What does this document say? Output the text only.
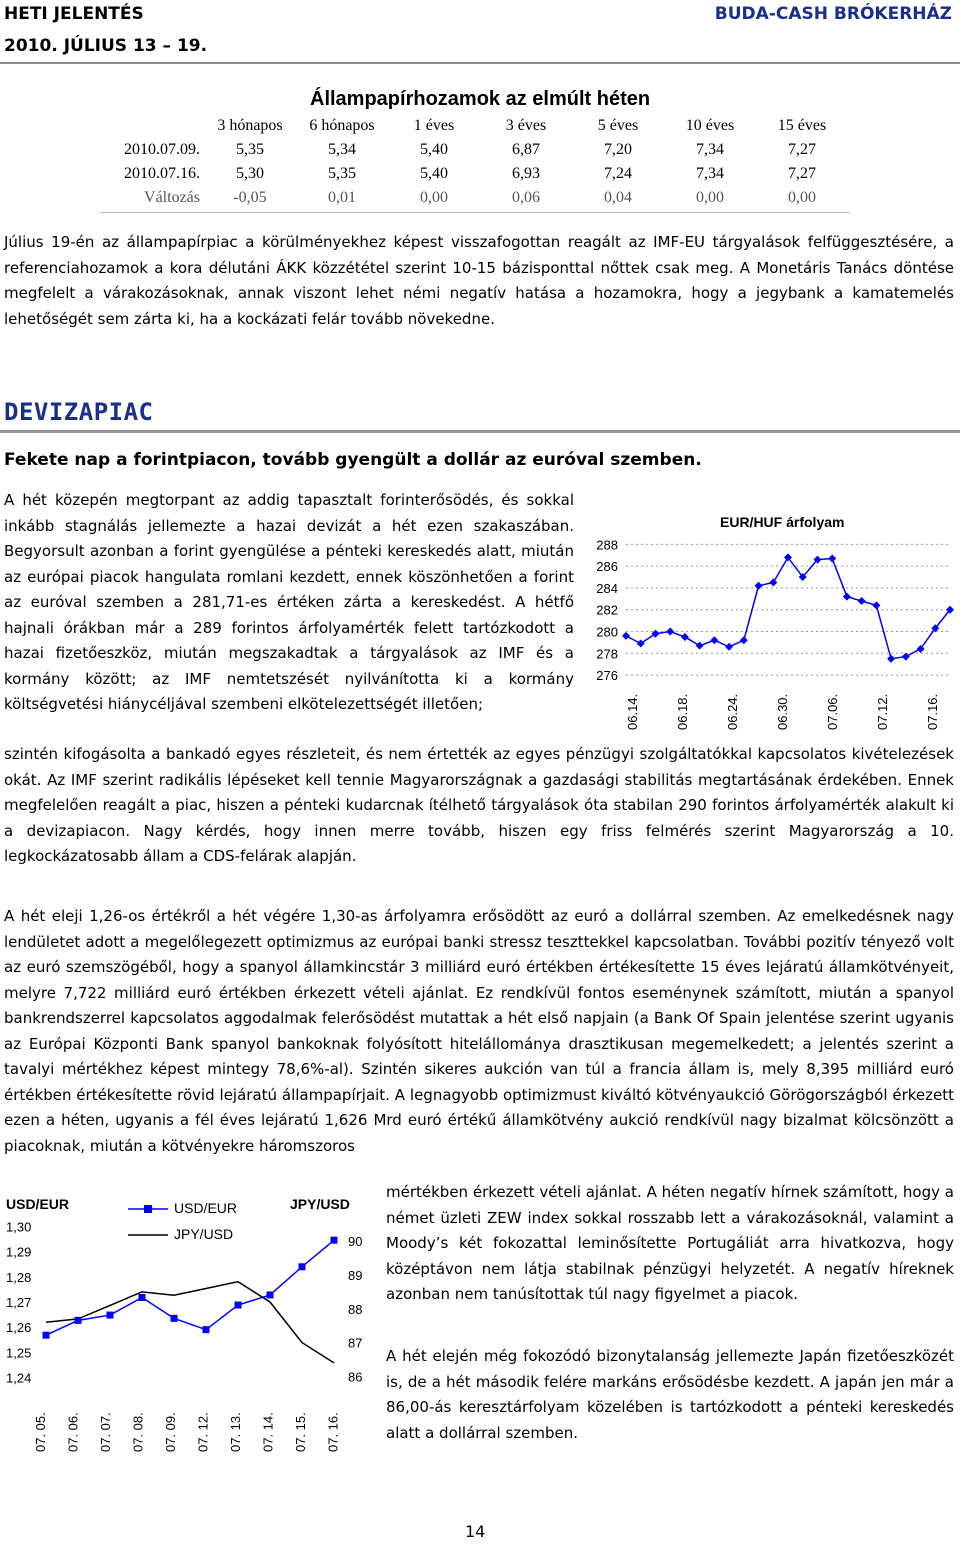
HETI JELENTÉS
2010. JÚLIUS 13 – 19.
BUDA-CASH BRÓKERHÁZ
Állampapírhozamok az elmúlt héten
	3 hónapos	6 hónapos	1 éves	3 éves	5 éves	10 éves	15 éves
2010.07.09.	5,35	5,34	5,40	6,87	7,20	7,34	7,27
2010.07.16.	5,30	5,35	5,40	6,93	7,24	7,34	7,27
Változás	-0,05	0,01	0,00	0,06	0,04	0,00	0,00

Július 19-én az állampapírpiac a körülményekhez képest visszafogottan reagált az IMF-EU tárgyalások felfüggesztésére, a referenciahozamok a kora délutáni ÁKK közzététel szerint 10-15 bázisponttal nőttek csak meg. A Monetáris Tanács döntése megfelelt a várakozásoknak, annak viszont lehet némi negatív hatása a hozamokra, hogy a jegybank a kamatemelés lehetőségét sem zárta ki, ha a kockázati felár tovább növekedne.

DEVIZAPIAC
Fekete nap a forintpiacon, tovább gyengült a dollár az euróval szemben.

A hét közepén megtorpant az addig tapasztalt forinterősödés, és sokkal inkább stagnálás jellemezte a hazai devizát a hét ezen szakaszában. Begyorsult azonban a forint gyengülése a pénteki kereskedés alatt, miután az európai piacok hangulata romlani kezdett, ennek köszönhetően a forint az euróval szemben a 281,71-es értéken zárta a kereskedést. A hétfő hajnali órákban már a 289 forintos árfolyamérték felett tartózkodott a hazai fizetőeszköz, miután megszakadtak a tárgyalások az IMF és a kormány között; az IMF nemtetszését nyilvánította ki a kormány költségvetési hiánycéljával szembeni elkötelezettségét illetően;

EUR/HUF árfolyam
276
278
280
282
284
286
288
06.14.	06.18.	06.24.	06.30.	07.06.	07.12.	07.16.

szintén kifogásolta a bankadó egyes részleteit, és nem értették az egyes pénzügyi szolgáltatókkal kapcsolatos kivételezések okát. Az IMF szerint radikális lépéseket kell tennie Magyarországnak a gazdasági stabilitás megtartásának érdekében. Ennek megfelelően reagált a piac, hiszen a pénteki kudarcnak ítélhető tárgyalások óta stabilan 290 forintos árfolyamérték alakult ki a devizapiacon. Nagy kérdés, hogy innen merre tovább, hiszen egy friss felmérés szerint Magyarország a 10. legkockázatosabb állam a CDS-felárak alapján.

A hét eleji 1,26-os értékről a hét végére 1,30-as árfolyamra erősödött az euró a dollárral szemben. Az emelkedésnek nagy lendületet adott a megelőlegezett optimizmus az európai banki stressz teszttekkel kapcsolatban. További pozitív tényező volt az euró szemszögéből, hogy a spanyol államkincstár 3 milliárd euró értékben értékesítette 15 éves lejáratú államkötvényeit, melyre 7,722 milliárd euró értékben érkezett vételi ajánlat. Ez rendkívül fontos eseménynek számított, miután a spanyol bankrendszerrel kapcsolatos aggodalmak felerősödést mutattak a hét első napjain (a Bank Of Spain jelentése szerint ugyanis az Európai Központi Bank spanyol bankoknak folyósított hitelállománya drasztikusan megemelkedett; a jelentés szerint a tavalyi mértékhez képest mintegy 78,6%-al). Szintén sikeres aukción van túl a francia állam is, mely 8,395 milliárd euró értékben értékesítette rövid lejáratú állampapírjait. A legnagyobb optimizmust kiváltó kötvényaukció Görögországból érkezett ezen a héten, ugyanis a fél éves lejáratú 1,626 Mrd euró értékű államkötvény aukció rendkívül nagy bizalmat kölcsönzött a piacoknak, miután a kötvényekre háromszoros

USD/EUR	JPY/USD
USD/EUR
JPY/USD
1,24
1,25
1,26
1,27
1,28
1,29
1,30
86
87
88
89
90
07. 05. 07. 06. 07. 07. 07. 08. 07. 09. 07. 12. 07. 13. 07. 14. 07. 15. 07. 16.

mértékben érkezett vételi ajánlat. A héten negatív hírnek számított, hogy a német üzleti ZEW index sokkal rosszabb lett a várakozásoknál, valamint a Moody’s két fokozattal leminősítette Portugáliát arra hivatkozva, hogy középtávon nem látja stabilnak pénzügyi helyzetét. A negatív híreknek azonban nem tanúsítottak túl nagy figyelmet a piacok.

A hét elején még fokozódó bizonytalanság jellemezte Japán fizetőeszközét is, de a hét második felére markáns erősödésbe kezdett. A japán jen már a 86,00-ás keresztárfolyam közelében is tartózkodott a pénteki kereskedés alatt a dollárral szemben.

14
